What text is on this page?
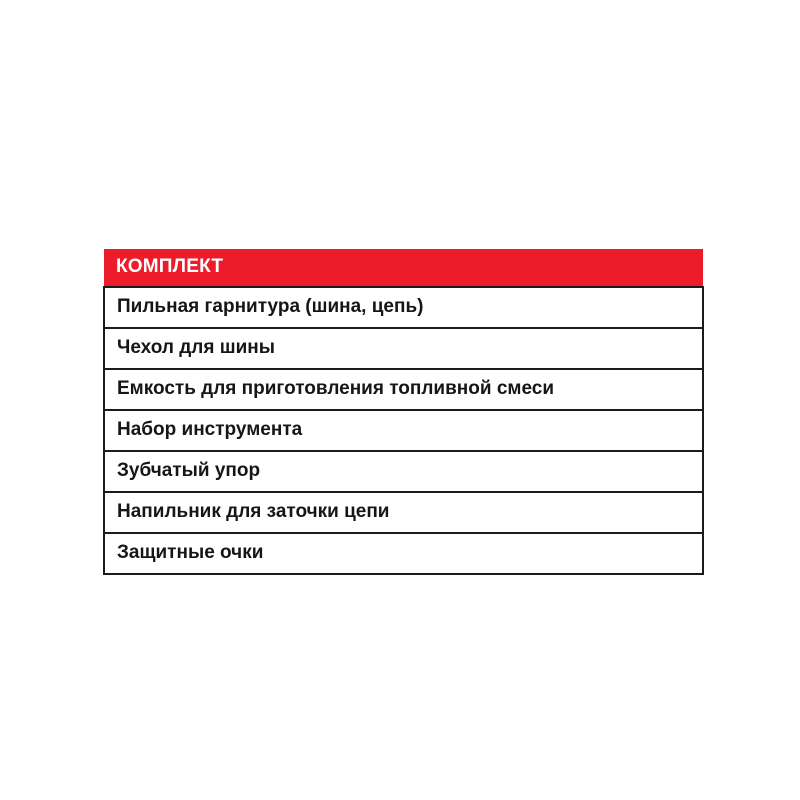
КОМПЛЕКТ
Пильная гарнитура (шина, цепь)
Чехол для шины
Емкость для приготовления топливной смеси
Набор инструмента
Зубчатый упор
Напильник для заточки цепи
Защитные очки
